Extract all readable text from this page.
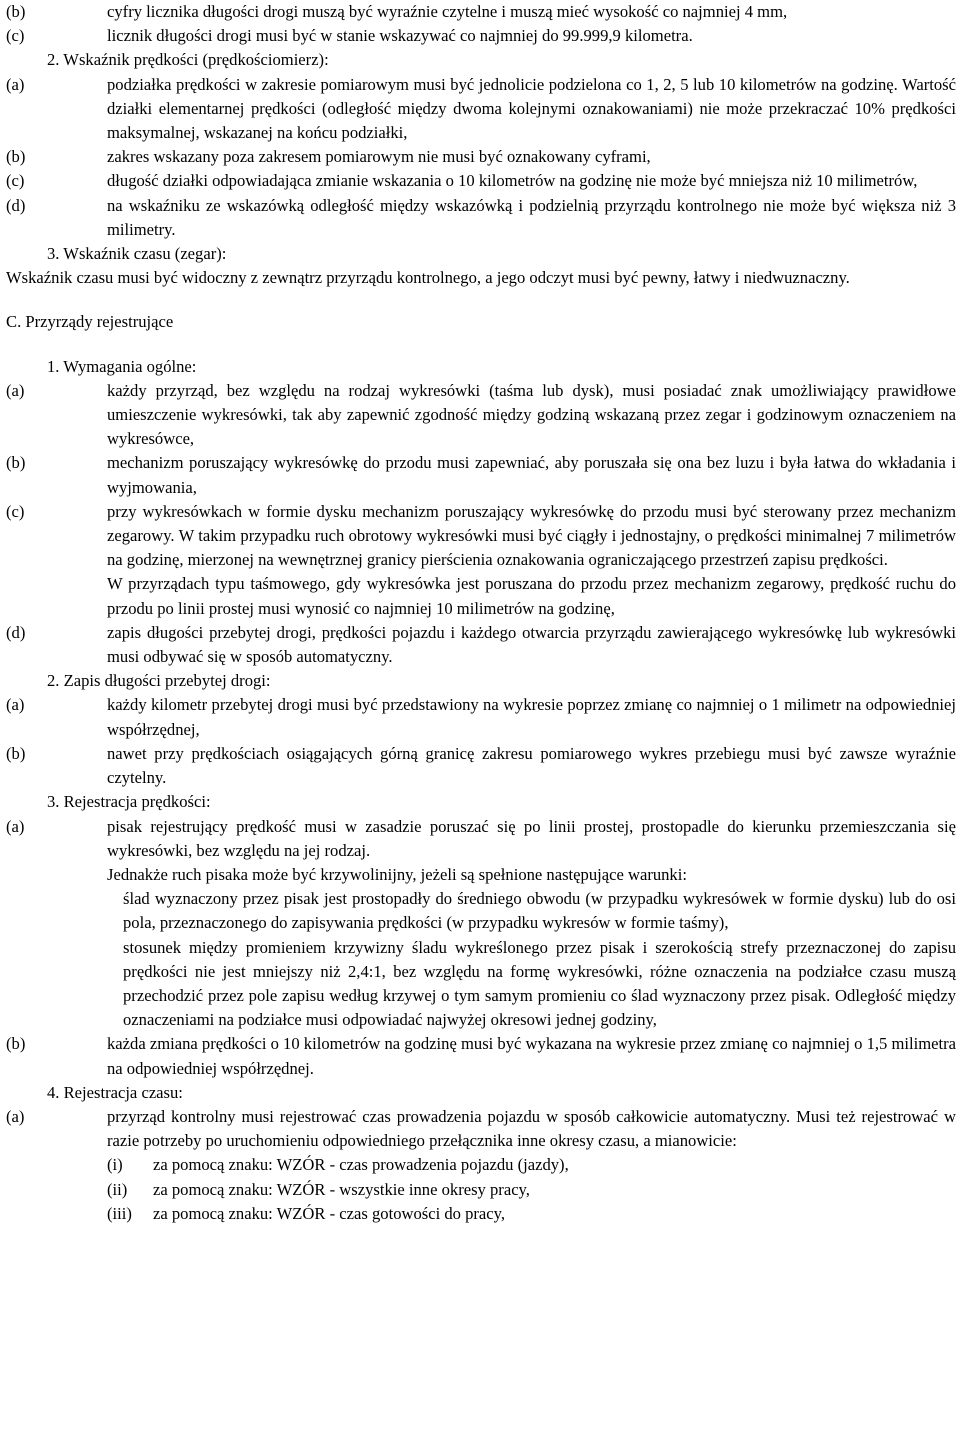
(b)	cyfry licznika długości drogi muszą być wyraźnie czytelne i muszą mieć wysokość co najmniej 4 mm,
(c)	licznik długości drogi musi być w stanie wskazywać co najmniej do 99.999,9 kilometra.
2. Wskaźnik prędkości (prędkościomierz):
(a)	podziałka prędkości w zakresie pomiarowym musi być jednolicie podzielona co 1, 2, 5 lub 10 kilometrów na godzinę. Wartość działki elementarnej prędkości (odległość między dwoma kolejnymi oznakowaniami) nie może przekraczać 10% prędkości maksymalnej, wskazanej na końcu podziałki,
(b)	zakres wskazany poza zakresem pomiarowym nie musi być oznakowany cyframi,
(c)	długość działki odpowiadająca zmianie wskazania o 10 kilometrów na godzinę nie może być mniejsza niż 10 milimetrów,
(d)	na wskaźniku ze wskazówką odległość między wskazówką i podzielnią przyrządu kontrolnego nie może być większa niż 3 milimetry.
3. Wskaźnik czasu (zegar):
Wskaźnik czasu musi być widoczny z zewnątrz przyrządu kontrolnego, a jego odczyt musi być pewny, łatwy i niedwuznaczny.
C. Przyrządy rejestrujące
1. Wymagania ogólne:
(a)	każdy przyrząd, bez względu na rodzaj wykresówki (taśma lub dysk), musi posiadać znak umożliwiający prawidłowe umieszczenie wykresówki, tak aby zapewnić zgodność między godziną wskazaną przez zegar i godzinowym oznaczeniem na wykresówce,
(b)	mechanizm poruszający wykresówkę do przodu musi zapewniać, aby poruszała się ona bez luzu i była łatwa do wkładania i wyjmowania,
(c)	przy wykresówkach w formie dysku mechanizm poruszający wykresówkę do przodu musi być sterowany przez mechanizm zegarowy. W takim przypadku ruch obrotowy wykresówki musi być ciągły i jednostajny, o prędkości minimalnej 7 milimetrów na godzinę, mierzonej na wewnętrznej granicy pierścienia oznakowania ograniczającego przestrzeń zapisu prędkości.
W przyrządach typu taśmowego, gdy wykresówka jest poruszana do przodu przez mechanizm zegarowy, prędkość ruchu do przodu po linii prostej musi wynosić co najmniej 10 milimetrów na godzinę,
(d)	zapis długości przebytej drogi, prędkości pojazdu i każdego otwarcia przyrządu zawierającego wykresówkę lub wykresówki musi odbywać się w sposób automatyczny.
2. Zapis długości przebytej drogi:
(a)	każdy kilometr przebytej drogi musi być przedstawiony na wykresie poprzez zmianę co najmniej o 1 milimetr na odpowiedniej współrzędnej,
(b)	nawet przy prędkościach osiągających górną granicę zakresu pomiarowego wykres przebiegu musi być zawsze wyraźnie czytelny.
3. Rejestracja prędkości:
(a)	pisak rejestrujący prędkość musi w zasadzie poruszać się po linii prostej, prostopadle do kierunku przemieszczania się wykresówki, bez względu na jej rodzaj.
Jednakże ruch pisaka może być krzywolinijny, jeżeli są spełnione następujące warunki:
ślad wyznaczony przez pisak jest prostopadły do średniego obwodu (w przypadku wykresówek w formie dysku) lub do osi pola, przeznaczonego do zapisywania prędkości (w przypadku wykresów w formie taśmy),
stosunek między promieniem krzywizny śladu wykreślonego przez pisak i szerokością strefy przeznaczonej do zapisu prędkości nie jest mniejszy niż 2,4:1, bez względu na formę wykresówki, różne oznaczenia na podziałce czasu muszą przechodzić przez pole zapisu według krzywej o tym samym promieniu co ślad wyznaczony przez pisak. Odległość między oznaczeniami na podziałce musi odpowiadać najwyżej okresowi jednej godziny,
(b)	każda zmiana prędkości o 10 kilometrów na godzinę musi być wykazana na wykresie przez zmianę co najmniej o 1,5 milimetra na odpowiedniej współrzędnej.
4. Rejestracja czasu:
(a)	przyrząd kontrolny musi rejestrować czas prowadzenia pojazdu w sposób całkowicie automatyczny. Musi też rejestrować w razie potrzeby po uruchomieniu odpowiedniego przełącznika inne okresy czasu, a mianowicie:
(i)	za pomocą znaku: WZÓR - czas prowadzenia pojazdu (jazdy),
(ii)	za pomocą znaku: WZÓR - wszystkie inne okresy pracy,
(iii)	za pomocą znaku: WZÓR - czas gotowości do pracy,
